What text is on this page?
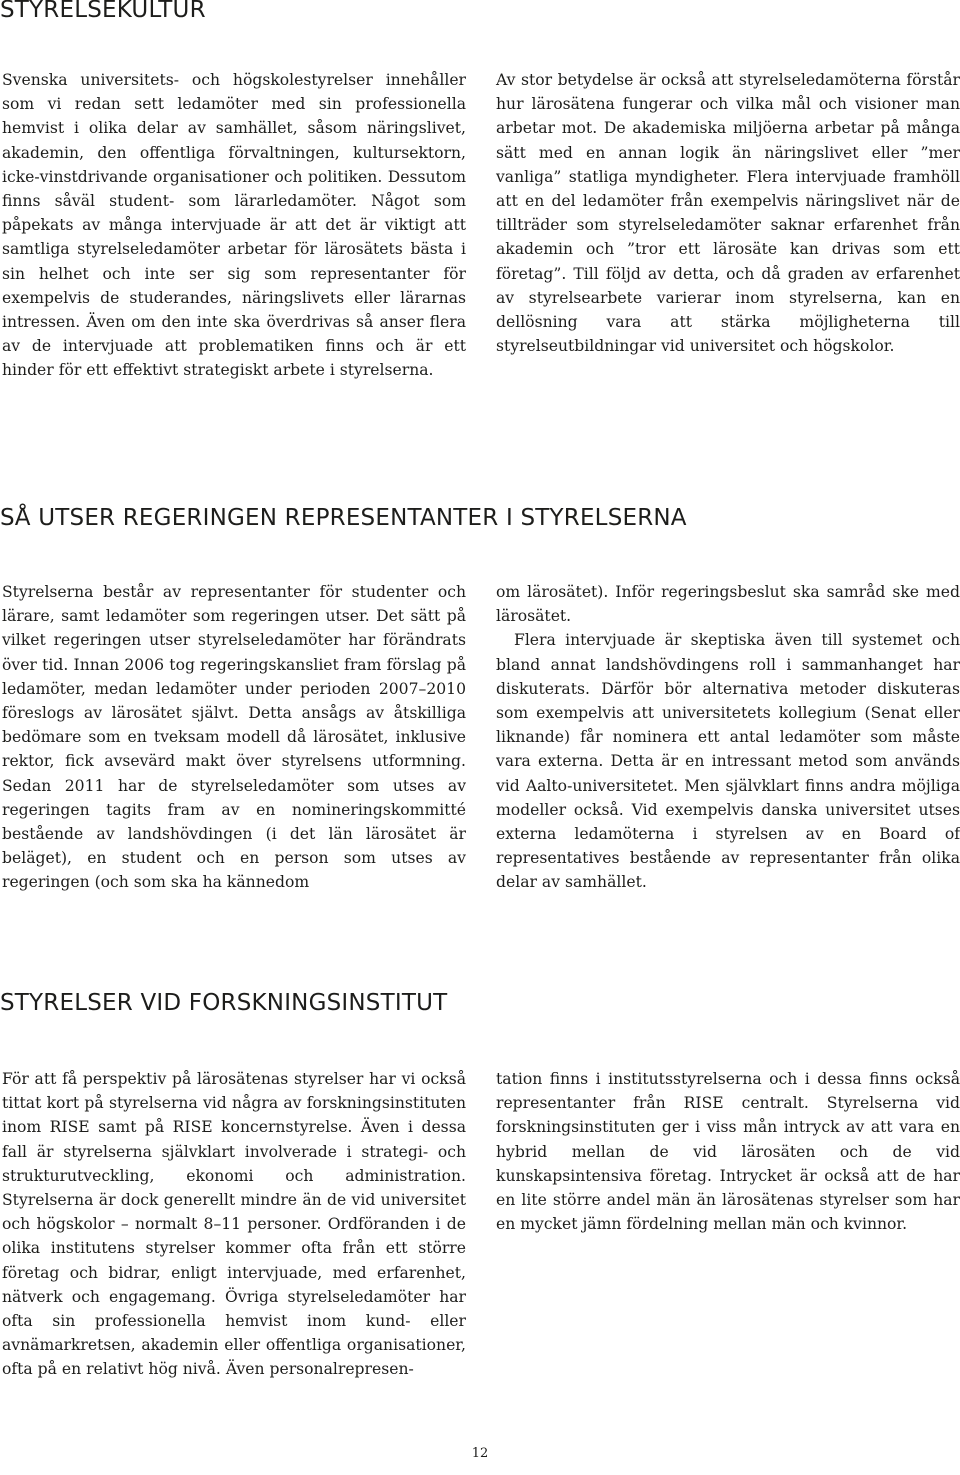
STYRELSEKULTUR

Svenska universitets- och högskolestyrelser innehåller som vi redan sett ledamöter med sin professionella hemvist i olika delar av samhället, såsom näringslivet, akademin, den offentliga förvaltningen, kultursektorn, icke-vinstdrivande organisationer och politiken. Dessutom finns såväl student- som lärarledamöter. Något som påpekats av många intervjuade är att det är viktigt att samtliga styrelseledamöter arbetar för lärosätets bästa i sin helhet och inte ser sig som representanter för exempelvis de studerandes, näringslivets eller lärarnas intressen. Även om den inte ska överdrivas så anser flera av de intervjuade att problematiken finns och är ett hinder för ett effektivt strategiskt arbete i styrelserna.

Av stor betydelse är också att styrelseledamöterna förstår hur lärosätena fungerar och vilka mål och visioner man arbetar mot. De akademiska miljöerna arbetar på många sätt med en annan logik än näringslivet eller ”mer vanliga” statliga myndigheter. Flera intervjuade framhöll att en del ledamöter från exempelvis näringslivet när de tillträder som styrelseledamöter saknar erfarenhet från akademin och ”tror ett lärosäte kan drivas som ett företag”. Till följd av detta, och då graden av erfarenhet av styrelsearbete varierar inom styrelserna, kan en dellösning vara att stärka möjligheterna till styrelseutbildningar vid universitet och högskolor.

SÅ UTSER REGERINGEN REPRESENTANTER I STYRELSERNA

Styrelserna består av representanter för studenter och lärare, samt ledamöter som regeringen utser. Det sätt på vilket regeringen utser styrelseledamöter har förändrats över tid. Innan 2006 tog regeringskansliet fram förslag på ledamöter, medan ledamöter under perioden 2007–2010 föreslogs av lärosätet självt. Detta ansågs av åtskilliga bedömare som en tveksam modell då lärosätet, inklusive rektor, fick avsevärd makt över styrelsens utformning. Sedan 2011 har de styrelseledamöter som utses av regeringen tagits fram av en nomineringskommitté bestående av landshövdingen (i det län lärosätet är beläget), en student och en person som utses av regeringen (och som ska ha kännedom

om lärosätet). Inför regeringsbeslut ska samråd ske med lärosätet.

Flera intervjuade är skeptiska även till systemet och bland annat landshövdingens roll i sammanhanget har diskuterats. Därför bör alternativa metoder diskuteras som exempelvis att universitetets kollegium (Senat eller liknande) får nominera ett antal ledamöter som måste vara externa. Detta är en intressant metod som används vid Aalto-universitetet. Men självklart finns andra möjliga modeller också. Vid exempelvis danska universitet utses externa ledamöterna i styrelsen av en Board of representatives bestående av representanter från olika delar av samhället.

STYRELSER VID FORSKNINGSINSTITUT

För att få perspektiv på lärosätenas styrelser har vi också tittat kort på styrelserna vid några av forskningsinstituten inom RISE samt på RISE koncernstyrelse. Även i dessa fall är styrelserna självklart involverade i strategi- och strukturutveckling, ekonomi och administration. Styrelserna är dock generellt mindre än de vid universitet och högskolor – normalt 8–11 personer. Ordföranden i de olika institutens styrelser kommer ofta från ett större företag och bidrar, enligt intervjuade, med erfarenhet, nätverk och engagemang. Övriga styrelseledamöter har ofta sin professionella hemvist inom kund- eller avnämarkretsen, akademin eller offentliga organisationer, ofta på en relativt hög nivå. Även personalrepresen-

tation finns i institutsstyrelserna och i dessa finns också representanter från RISE centralt. Styrelserna vid forskningsinstituten ger i viss mån intryck av att vara en hybrid mellan de vid lärosäten och de vid kunskapsintensiva företag. Intrycket är också att de har en lite större andel män än lärosätenas styrelser som har en mycket jämn fördelning mellan män och kvinnor.

12
